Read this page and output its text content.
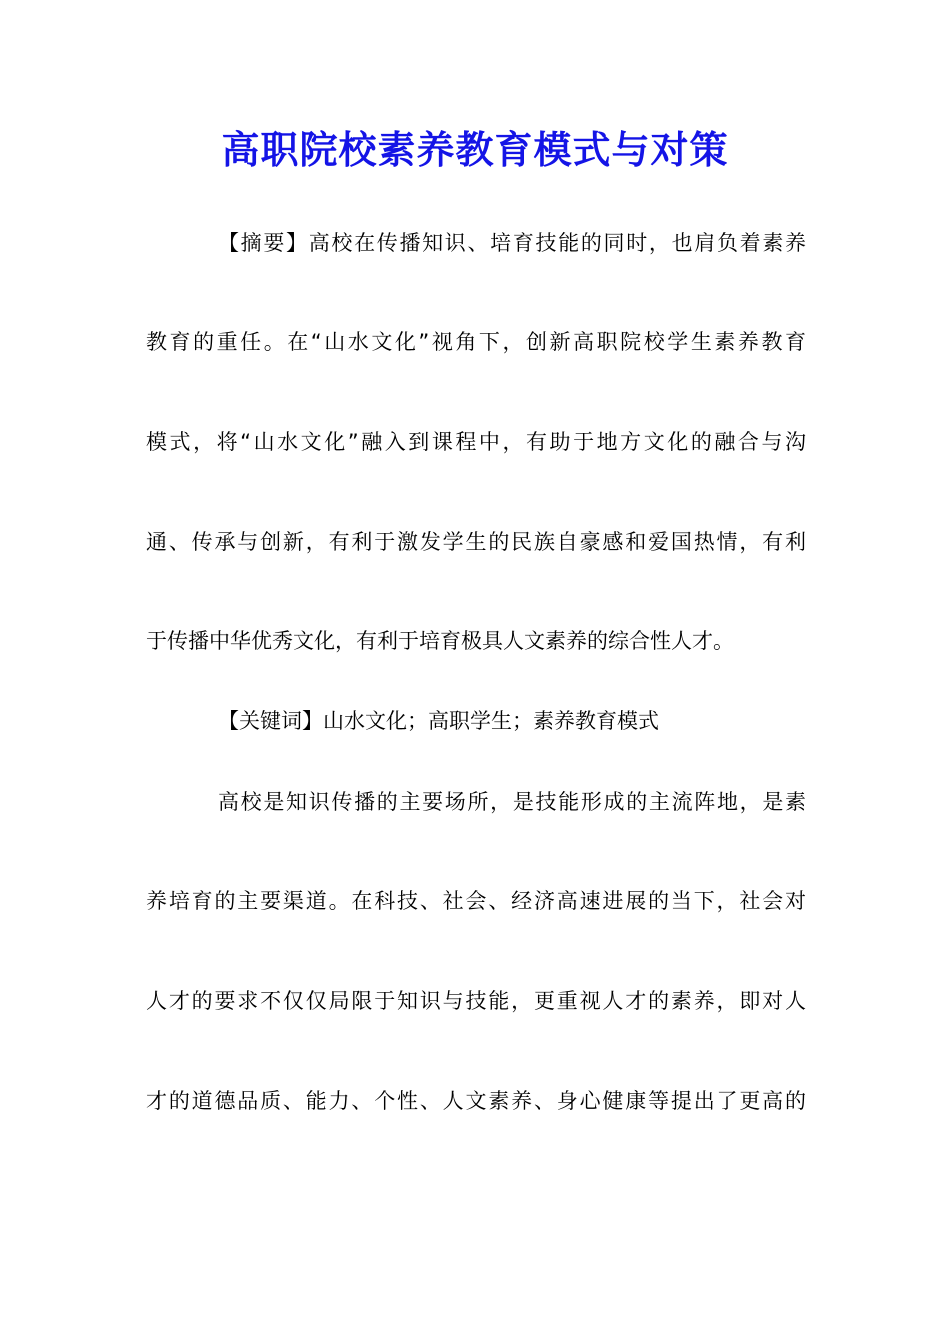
高职院校素养教育模式与对策
【摘要】高校在传播知识、培育技能的同时，也肩负着素养
教育的重任。在“山水文化”视角下，创新高职院校学生素养教育
模式，将“山水文化”融入到课程中，有助于地方文化的融合与沟
通、传承与创新，有利于激发学生的民族自豪感和爱国热情，有利
于传播中华优秀文化，有利于培育极具人文素养的综合性人才。
【关键词】山水文化；高职学生；素养教育模式
高校是知识传播的主要场所，是技能形成的主流阵地，是素
养培育的主要渠道。在科技、社会、经济高速进展的当下，社会对
人才的要求不仅仅局限于知识与技能，更重视人才的素养，即对人
才的道德品质、能力、个性、人文素养、身心健康等提出了更高的
